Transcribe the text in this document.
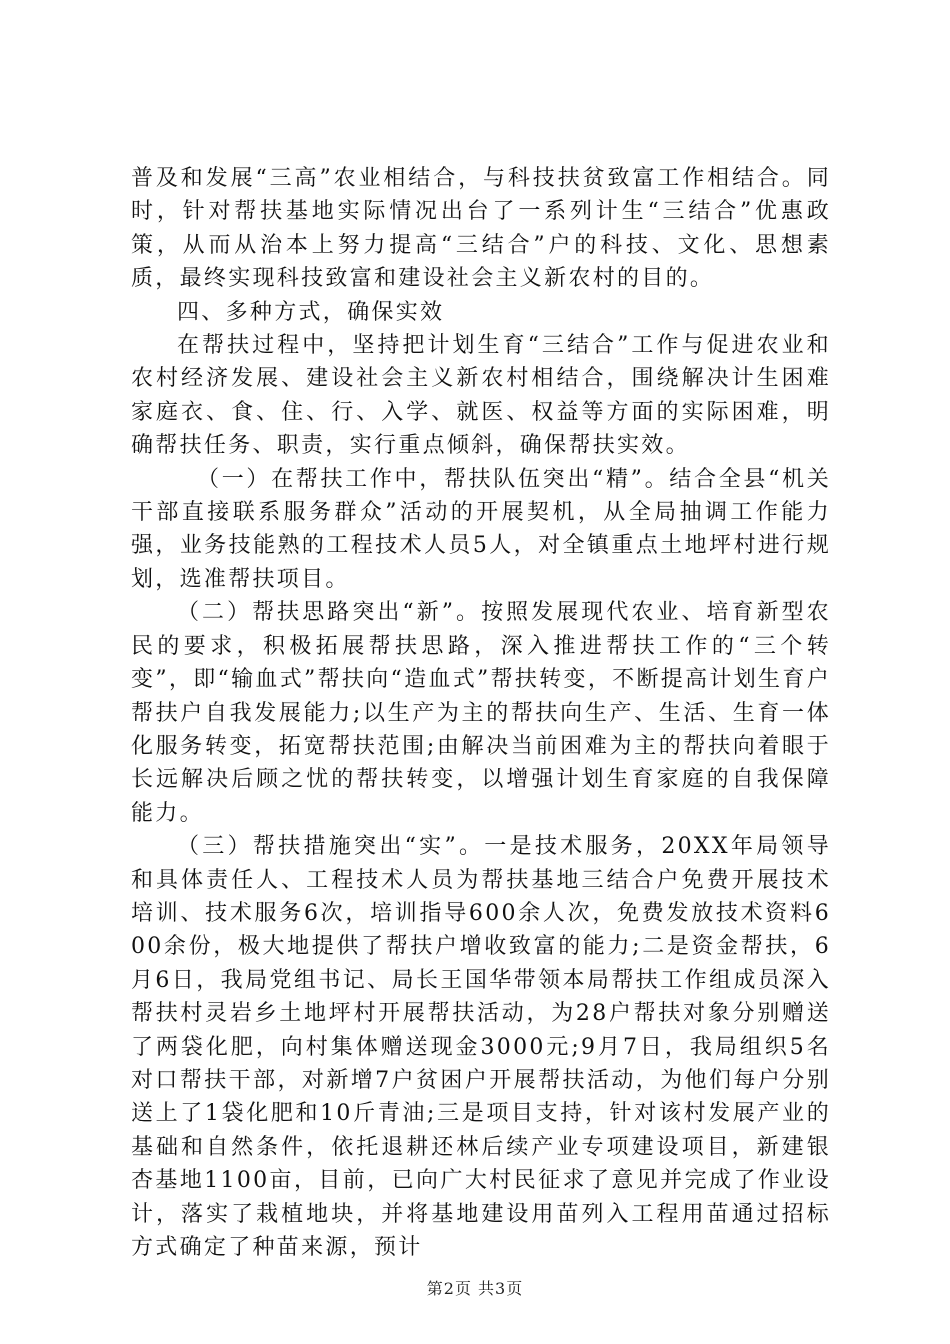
普及和发展“三高”农业相结合，与科技扶贫致富工作相结合。同时，针对帮扶基地实际情况出台了一系列计生“三结合”优惠政策，从而从治本上努力提高“三结合”户的科技、文化、思想素质，最终实现科技致富和建设社会主义新农村的目的。

四、多种方式，确保实效

在帮扶过程中，坚持把计划生育“三结合”工作与促进农业和农村经济发展、建设社会主义新农村相结合，围绕解决计生困难家庭衣、食、住、行、入学、就医、权益等方面的实际困难，明确帮扶任务、职责，实行重点倾斜，确保帮扶实效。

（一）在帮扶工作中，帮扶队伍突出“精”。结合全县“机关干部直接联系服务群众”活动的开展契机，从全局抽调工作能力强，业务技能熟的工程技术人员5人，对全镇重点土地坪村进行规划，选准帮扶项目。

（二）帮扶思路突出“新”。按照发展现代农业、培育新型农民的要求，积极拓展帮扶思路，深入推进帮扶工作的“三个转变”，即“输血式”帮扶向“造血式”帮扶转变，不断提高计划生育户帮扶户自我发展能力;以生产为主的帮扶向生产、生活、生育一体化服务转变，拓宽帮扶范围;由解决当前困难为主的帮扶向着眼于长远解决后顾之忧的帮扶转变，以增强计划生育家庭的自我保障能力。

（三）帮扶措施突出“实”。一是技术服务，20XX年局领导和具体责任人、工程技术人员为帮扶基地三结合户免费开展技术培训、技术服务6次，培训指导600余人次，免费发放技术资料600余份，极大地提供了帮扶户增收致富的能力;二是资金帮扶，6月6日，我局党组书记、局长王国华带领本局帮扶工作组成员深入帮扶村灵岩乡土地坪村开展帮扶活动，为28户帮扶对象分别赠送了两袋化肥，向村集体赠送现金3000元;9月7日，我局组织5名对口帮扶干部，对新增7户贫困户开展帮扶活动，为他们每户分别送上了1袋化肥和10斤青油;三是项目支持，针对该村发展产业的基础和自然条件，依托退耕还林后续产业专项建设项目，新建银杏基地1100亩，目前，已向广大村民征求了意见并完成了作业设计，落实了栽植地块，并将基地建设用苗列入工程用苗通过招标方式确定了种苗来源，预计

第2页 共3页
